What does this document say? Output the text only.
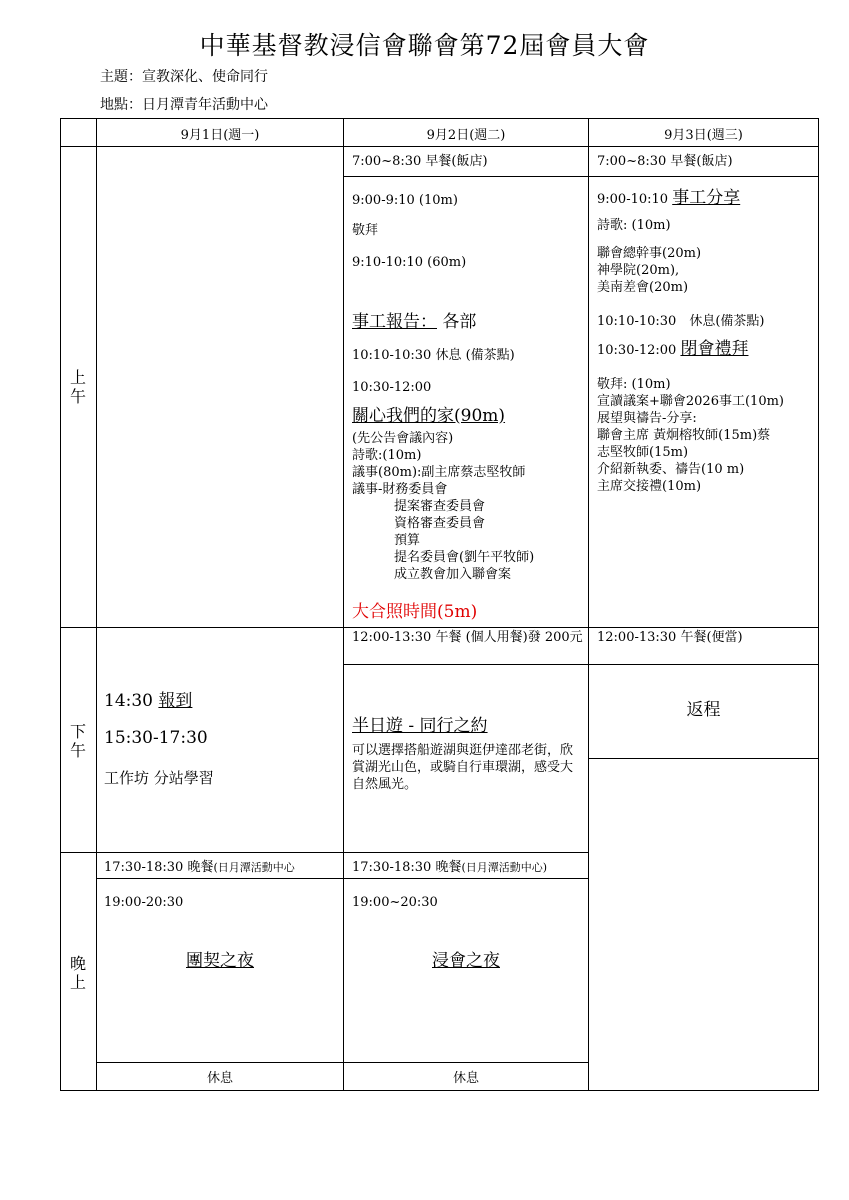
中華基督教浸信會聯會第72屆會員大會
主題：宣教深化、使命同行
地點：日月潭青年活動中心
9月1日(週一)	9月2日(週二)	9月3日(週三)
上
午
下
午
晚
上
7:00~8:30 早餐(飯店)
9:00-9:10 (10m)
敬拜
9:10-10:10 (60m)
事工報告： 各部
10:10-10:30 休息 (備茶點)
10:30-12:00
關心我們的家(90m)
(先公告會議內容)
詩歌:(10m)
議事(80m):副主席蔡志堅牧師
議事-財務委員會
提案審查委員會
資格審查委員會
預算
提名委員會(劉午平牧師)
成立教會加入聯會案
大合照時間(5m)
12:00-13:30 午餐 (個人用餐)發 200元
半日遊 - 同行之約
可以選擇搭船遊湖與逛伊達邵老街，欣賞湖光山色，或騎自行車環湖，感受大自然風光。
17:30-18:30 晚餐(日月潭活動中心)
19:00~20:30
浸會之夜
休息
7:00~8:30 早餐(飯店)
9:00-10:10 事工分享
詩歌: (10m)
聯會總幹事(20m)
神學院(20m),
美南差會(20m)
10:10-10:30　休息(備茶點)
10:30-12:00 閉會禮拜
敬拜: (10m)
宣讀議案+聯會2026事工(10m)
展望與禱告-分享:
聯會主席 黃炯榕牧師(15m)蔡
志堅牧師(15m)
介紹新執委、禱告(10 m)
主席交接禮(10m)
12:00-13:30 午餐(便當)
返程
14:30 報到
15:30-17:30
工作坊 分站學習
17:30-18:30 晚餐(日月潭活動中心
19:00-20:30
團契之夜
休息
